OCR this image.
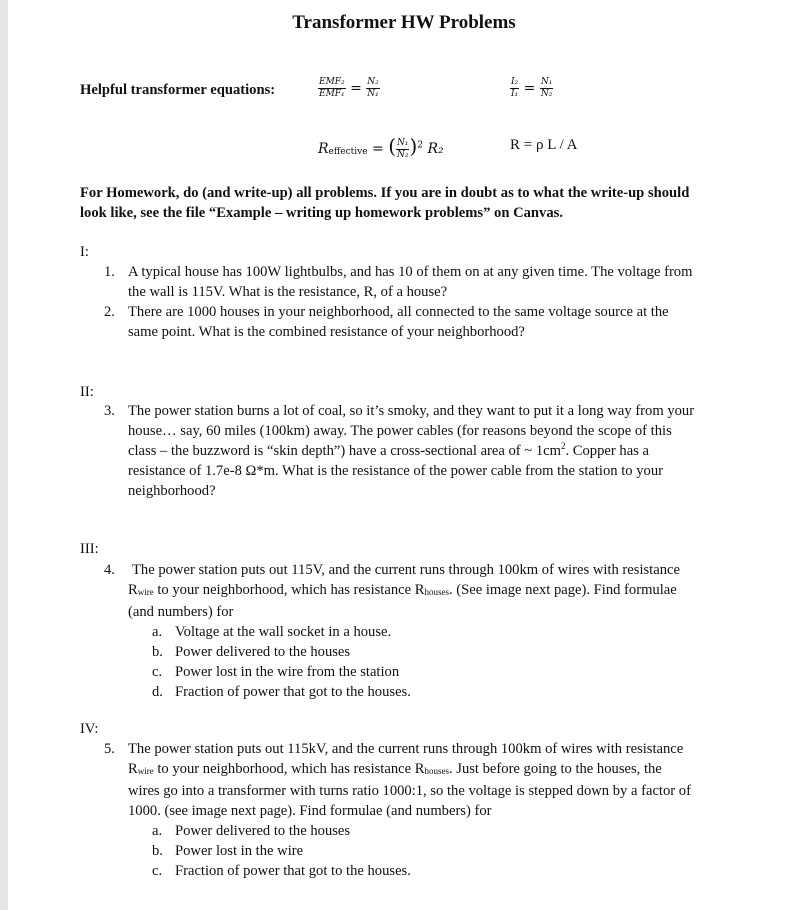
Transformer HW Problems
Helpful transformer equations:	$\frac{\text{EMF₂}}{\text{EMF₁}} = \frac{\text{N₂}}{\text{N₁}}$	$\frac{\text{I₂}}{\text{I₁}} = \frac{\text{N₁}}{\text{N₂}}$
$R_{effective}$ = ( $\frac{\text{N₁}}{\text{N₂}} )^2$ R₂	R = ρ L / A
For Homework, do (and write-up) all problems. If you are in doubt as to what the write-up should
look like, see the file “Example – writing up homework problems” on Canvas.
I:
1. A typical house has 100W lightbulbs, and has 10 of them on at any given time. The voltage from
the wall is 115V. What is the resistance, R, of a house?
2. There are 1000 houses in your neighborhood, all connected to the same voltage source at the
same point. What is the combined resistance of your neighborhood?
II:
3. The power station burns a lot of coal, so it’s smoky, and they want to put it a long way from your
house… say, 60 miles (100km) away. The power cables (for reasons beyond the scope of this
class – the buzzword is “skin depth”) have a cross-sectional area of ~ $1cm^2$. Copper has a
resistance of 1.7e-8 Ω*m. What is the resistance of the power cable from the station to your
neighborhood?
III:
4. The power station puts out 115V, and the current runs through 100km of wires with resistance
$R_{wire}$ to your neighborhood, which has resistance $R_{houses}$. (See image next page). Find formulae
(and numbers) for
a. Voltage at the wall socket in a house.
b. Power delivered to the houses
c. Power lost in the wire from the station
d. Fraction of power that got to the houses.
IV:
5. The power station puts out 115kV, and the current runs through 100km of wires with resistance
$R_{wire}$ to your neighborhood, which has resistance $R_{houses}$. Just before going to the houses, the
wires go into a transformer with turns ratio 1000:1, so the voltage is stepped down by a factor of
1000. (see image next page). Find formulae (and numbers) for
a. Power delivered to the houses
b. Power lost in the wire
c. Fraction of power that got to the houses.
